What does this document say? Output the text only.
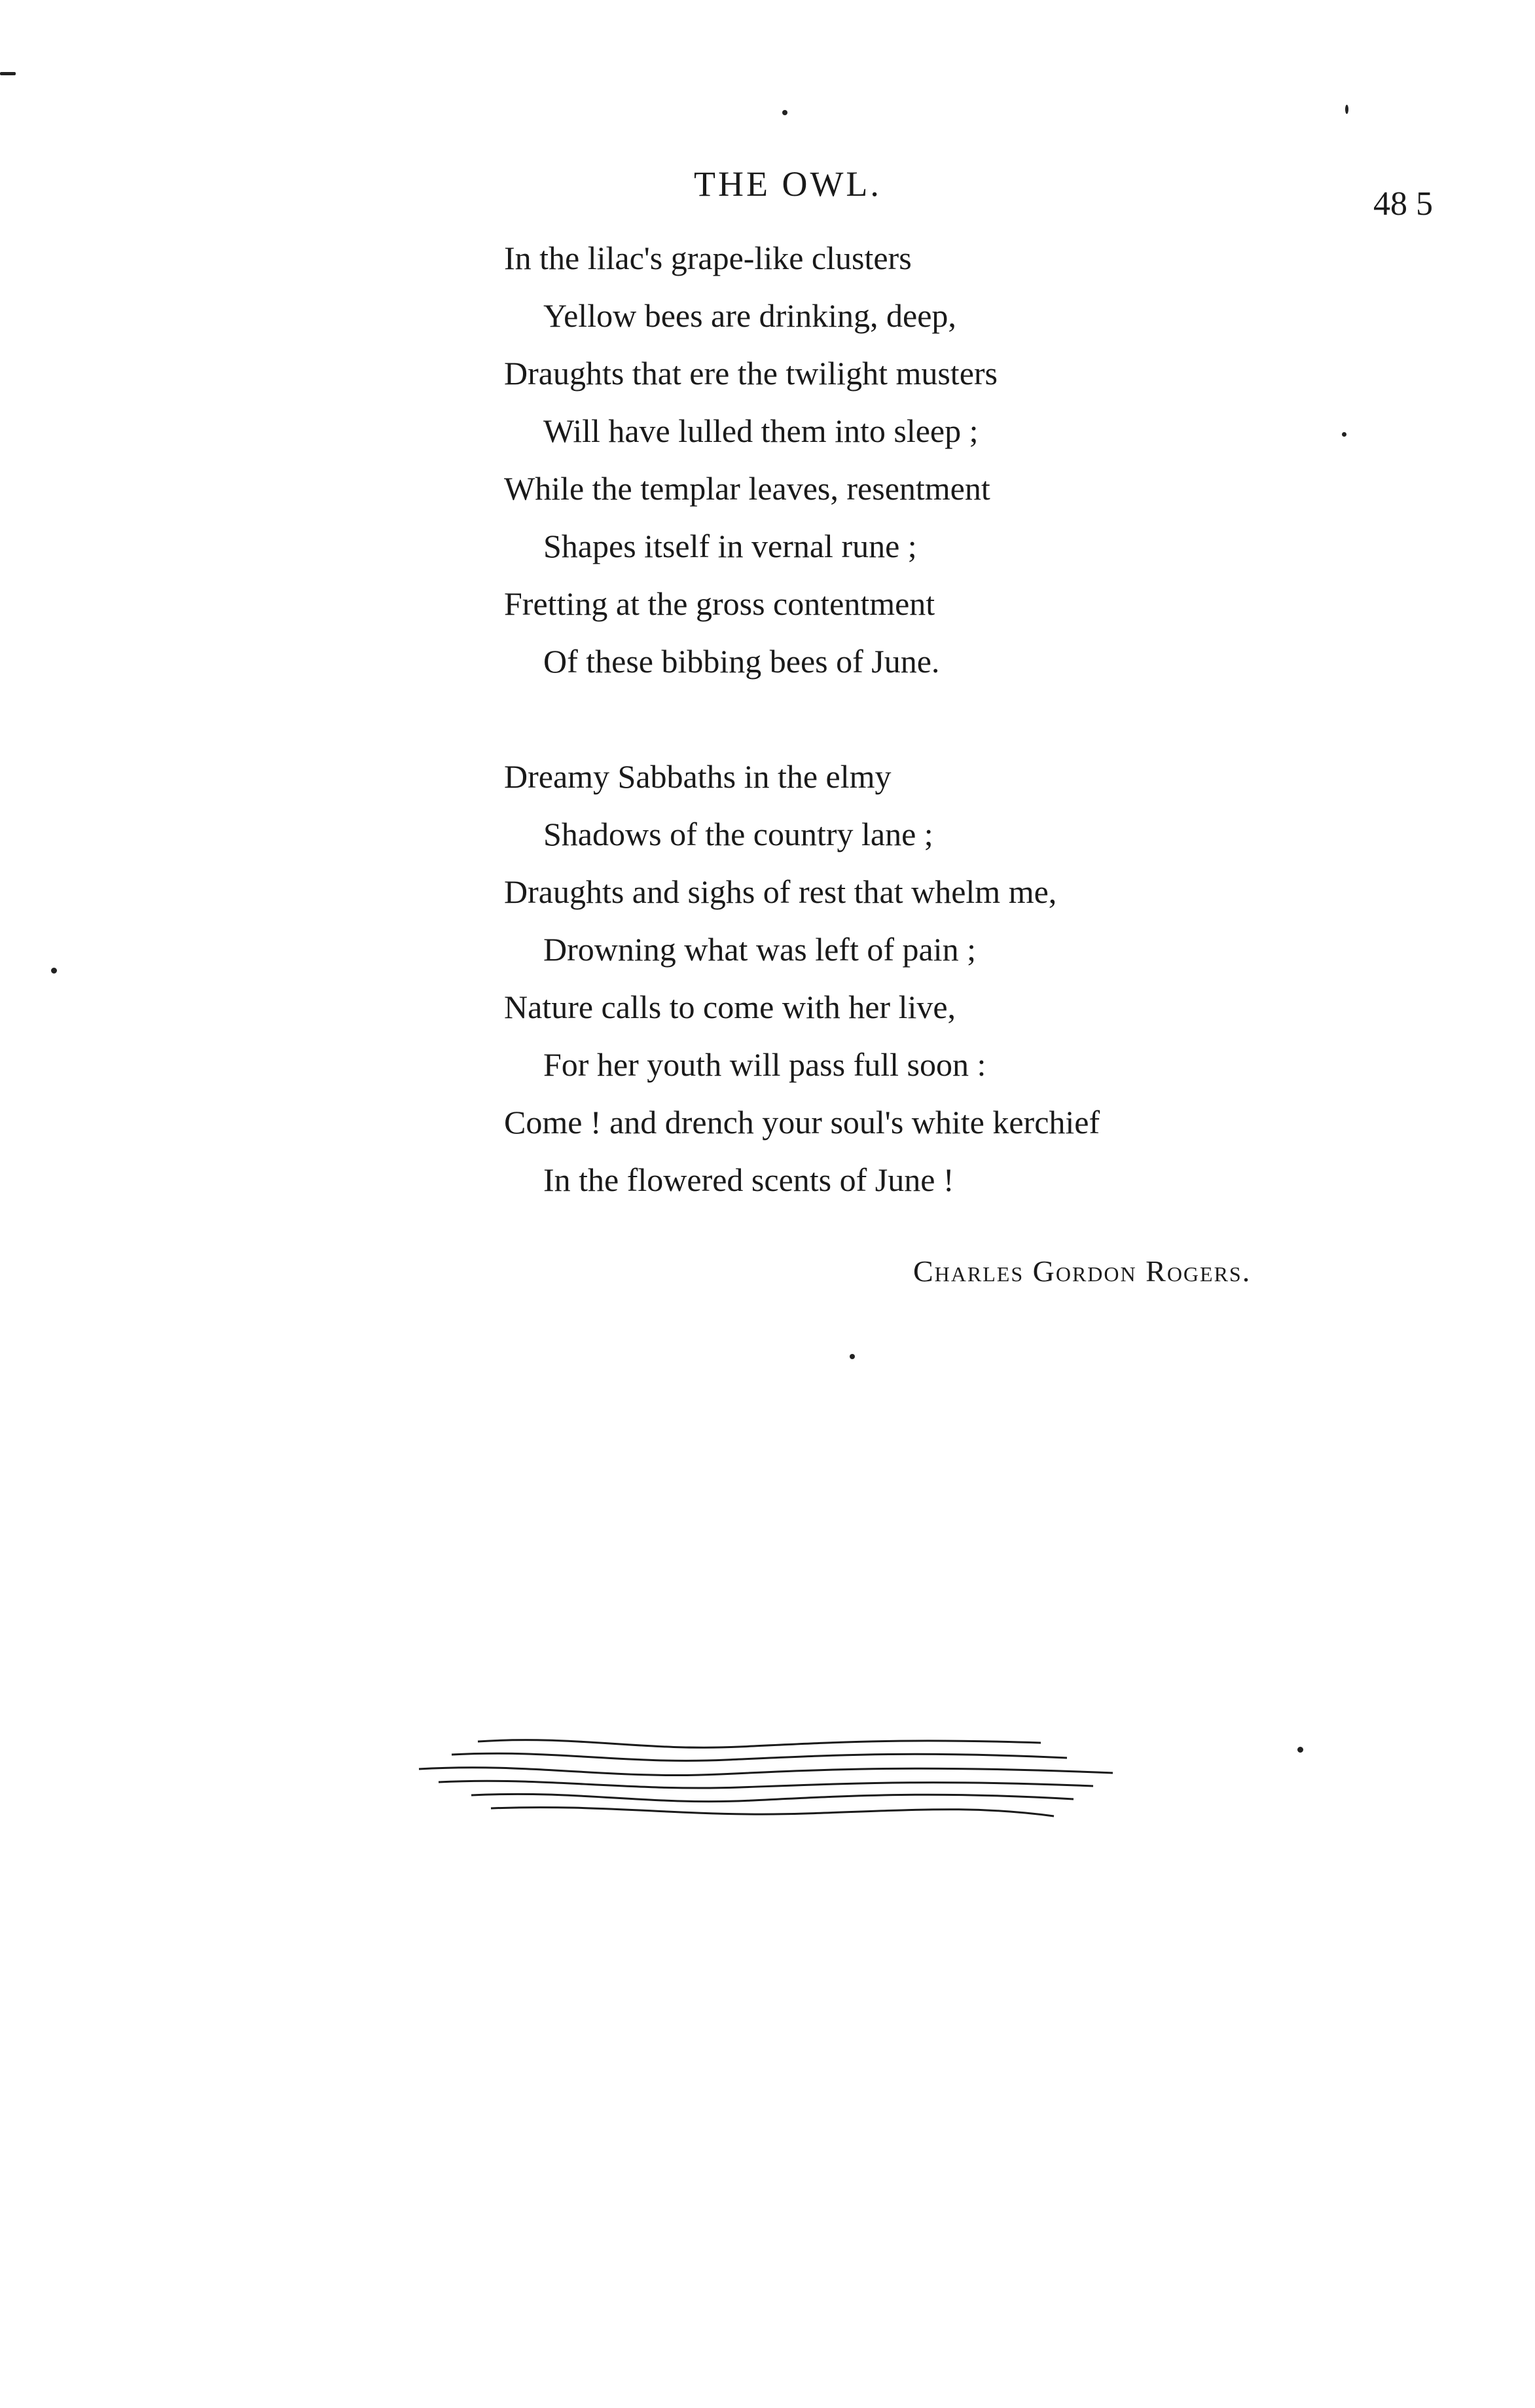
THE OWL.
48 5
In the lilac's grape-like clusters
Yellow bees are drinking, deep,
Draughts that ere the twilight musters
Will have lulled them into sleep ;
While the templar leaves, resentment
Shapes itself in vernal rune ;
Fretting at the gross contentment
Of these bibbing bees of June.
Dreamy Sabbaths in the elmy
Shadows of the country lane ;
Draughts and sighs of rest that whelm me,
Drowning what was left of pain ;
Nature calls to come with her live,
For her youth will pass full soon :
Come ! and drench your soul's white kerchief
In the flowered scents of June !
Charles Gordon Rogers.
